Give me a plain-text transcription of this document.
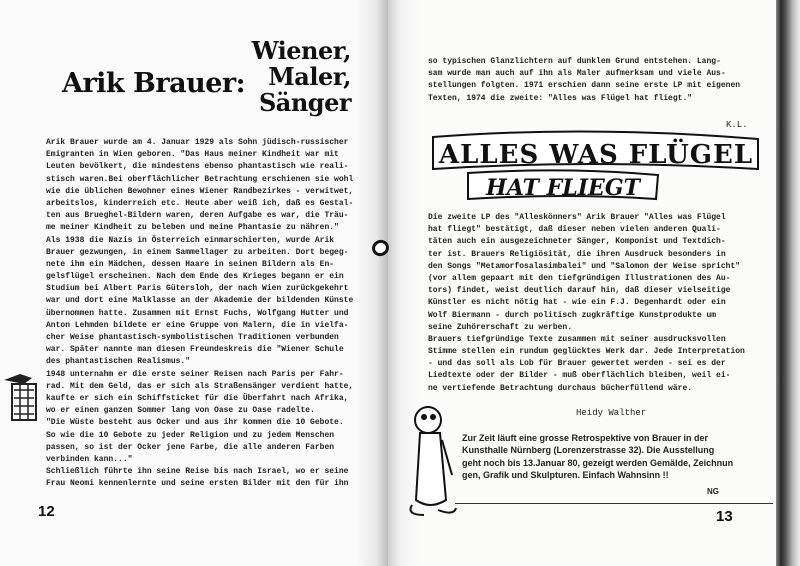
Arik Brauer:
Wiener,
Maler,
Sänger
Arik Brauer wurde am 4. Januar 1929 als Sohn jüdisch-russischer
Emigranten in Wien geboren. "Das Haus meiner Kindheit war mit
Leuten bevölkert, die mindestens ebenso phantastisch wie reali-
stisch waren.Bei oberflächlicher Betrachtung erschienen sie wohl
wie die üblichen Bewohner eines Wiener Randbezirkes - verwitwet,
arbeitslos, kinderreich etc. Heute aber weiß ich, daß es Gestal-
ten aus Brueghel-Bildern waren, deren Aufgabe es war, die Träu-
me meiner Kindheit zu beleben und meine Phantasie zu nähren."
Als 1938 die Nazis in Österreich einmarschierten, wurde Arik
Brauer gezwungen, in einem Sammellager zu arbeiten. Dort begeg-
nete ihm ein Mädchen, dessen Haare in seinen Bildern als En-
gelsflügel erscheinen. Nach dem Ende des Krieges begann er ein
Studium bei Albert Paris Gütersloh, der nach Wien zurückgekehrt
war und dort eine Malklasse an der Akademie der bildenden Künste
übernommen hatte. Zusammen mit Ernst Fuchs, Wolfgang Hutter und
Anton Lehmden bildete er eine Gruppe von Malern, die in vielfa-
cher Weise phantastisch-symbolistischen Traditionen verbunden
war. Später nannte man diesen Freundeskreis die "Wiener Schule
des phantastischen Realismus."
1948 unternahm er die erste seiner Reisen nach Paris per Fahr-
rad. Mit dem Geld, das er sich als Straßensänger verdient hatte,
kaufte er sich ein Schiffsticket für die Überfahrt nach Afrika,
wo er einen ganzen Sommer lang von Oase zu Oase radelte.
"Die Wüste besteht aus Ocker und aus ihr kommen die 10 Gebote.
So wie die 10 Gebote zu jeder Religion und zu jedem Menschen
passen, so ist der Ocker jene Farbe, die alle anderen Farben
verbinden kann..."
Schließlich führte ihn seine Reise bis nach Israel, wo er seine
Frau Neomi kennenlernte und seine ersten Bilder mit den für ihn
12
so typischen Glanzlichtern auf dunklem Grund entstehen. Lang-
sam wurde man auch auf ihn als Maler aufmerksam und viele Aus-
stellungen folgten. 1971 erschien dann seine erste LP mit eigenen
Texten, 1974 die zweite: "Alles was Flügel hat fliegt."
K.L.
ALLES WAS FLÜGEL
HAT FLIEGT
Die zweite LP des "Alleskönners" Arik Brauer "Alles was Flügel
hat fliegt" bestätigt, daß dieser neben vielen anderen Quali-
täten auch ein ausgezeichneter Sänger, Komponist und Textdich-
ter ist. Brauers Religiösität, die ihren Ausdruck besonders in
den Songs "Metamorfosalasimbalei" und "Salomon der Weise spricht"
(vor allem gepaart mit den tiefgründigen Illustrationen des Au-
tors) findet, weist deutlich darauf hin, daß dieser vielseitige
Künstler es nicht nötig hat - wie ein F.J. Degenhardt oder ein
Wolf Biermann - durch politisch zugkräftige Kunstprodukte um
seine Zuhörerschaft zu werben.
Brauers tiefgründige Texte zusammen mit seiner ausdrucksvollen
Stimme stellen ein rundum geglücktes Werk dar. Jede Interpretation
- und das soll als Lob für Brauer gewertet werden - sei es der
Liedtexte oder der Bilder - muß oberflächlich bleiben, weil ei-
ne vertiefende Betrachtung durchaus bücherfüllend wäre.
Heidy Walther
Zur Zeit läuft eine grosse Retrospektive von Brauer in der
Kunsthalle Nürnberg (Lorenzerstrasse 32). Die Ausstellung
geht noch bis 13.Januar 80, gezeigt werden Gemälde, Zeichnun
gen, Grafik und Skulpturen. Einfach Wahnsinn !!
NG
13
